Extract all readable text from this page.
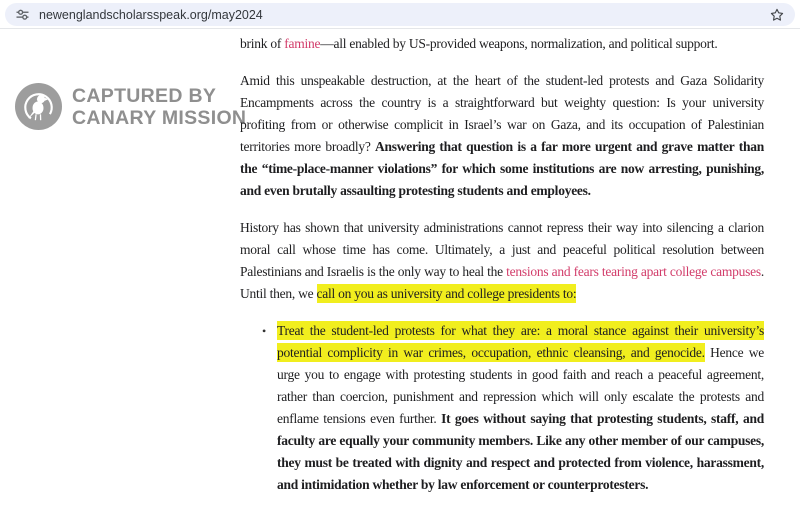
newenglandscholarsspeak.org/may2024
CAPTURED BY
CANARY MISSION

brink of famine—all enabled by US-provided weapons, normalization, and political support.

Amid this unspeakable destruction, at the heart of the student-led protests and Gaza Solidarity Encampments across the country is a straightforward but weighty question: Is your university profiting from or otherwise complicit in Israel’s war on Gaza, and its occupation of Palestinian territories more broadly? Answering that question is a far more urgent and grave matter than the “time-place-manner violations” for which some institutions are now arresting, punishing, and even brutally assaulting protesting students and employees.

History has shown that university administrations cannot repress their way into silencing a clarion moral call whose time has come. Ultimately, a just and peaceful political resolution between Palestinians and Israelis is the only way to heal the tensions and fears tearing apart college campuses. Until then, we call on you as university and college presidents to:

• Treat the student-led protests for what they are: a moral stance against their university’s potential complicity in war crimes, occupation, ethnic cleansing, and genocide. Hence we urge you to engage with protesting students in good faith and reach a peaceful agreement, rather than coercion, punishment and repression which will only escalate the protests and enflame tensions even further. It goes without saying that protesting students, staff, and faculty are equally your community members. Like any other member of our campuses, they must be treated with dignity and respect and protected from violence, harassment, and intimidation whether by law enforcement or counterprotesters.
